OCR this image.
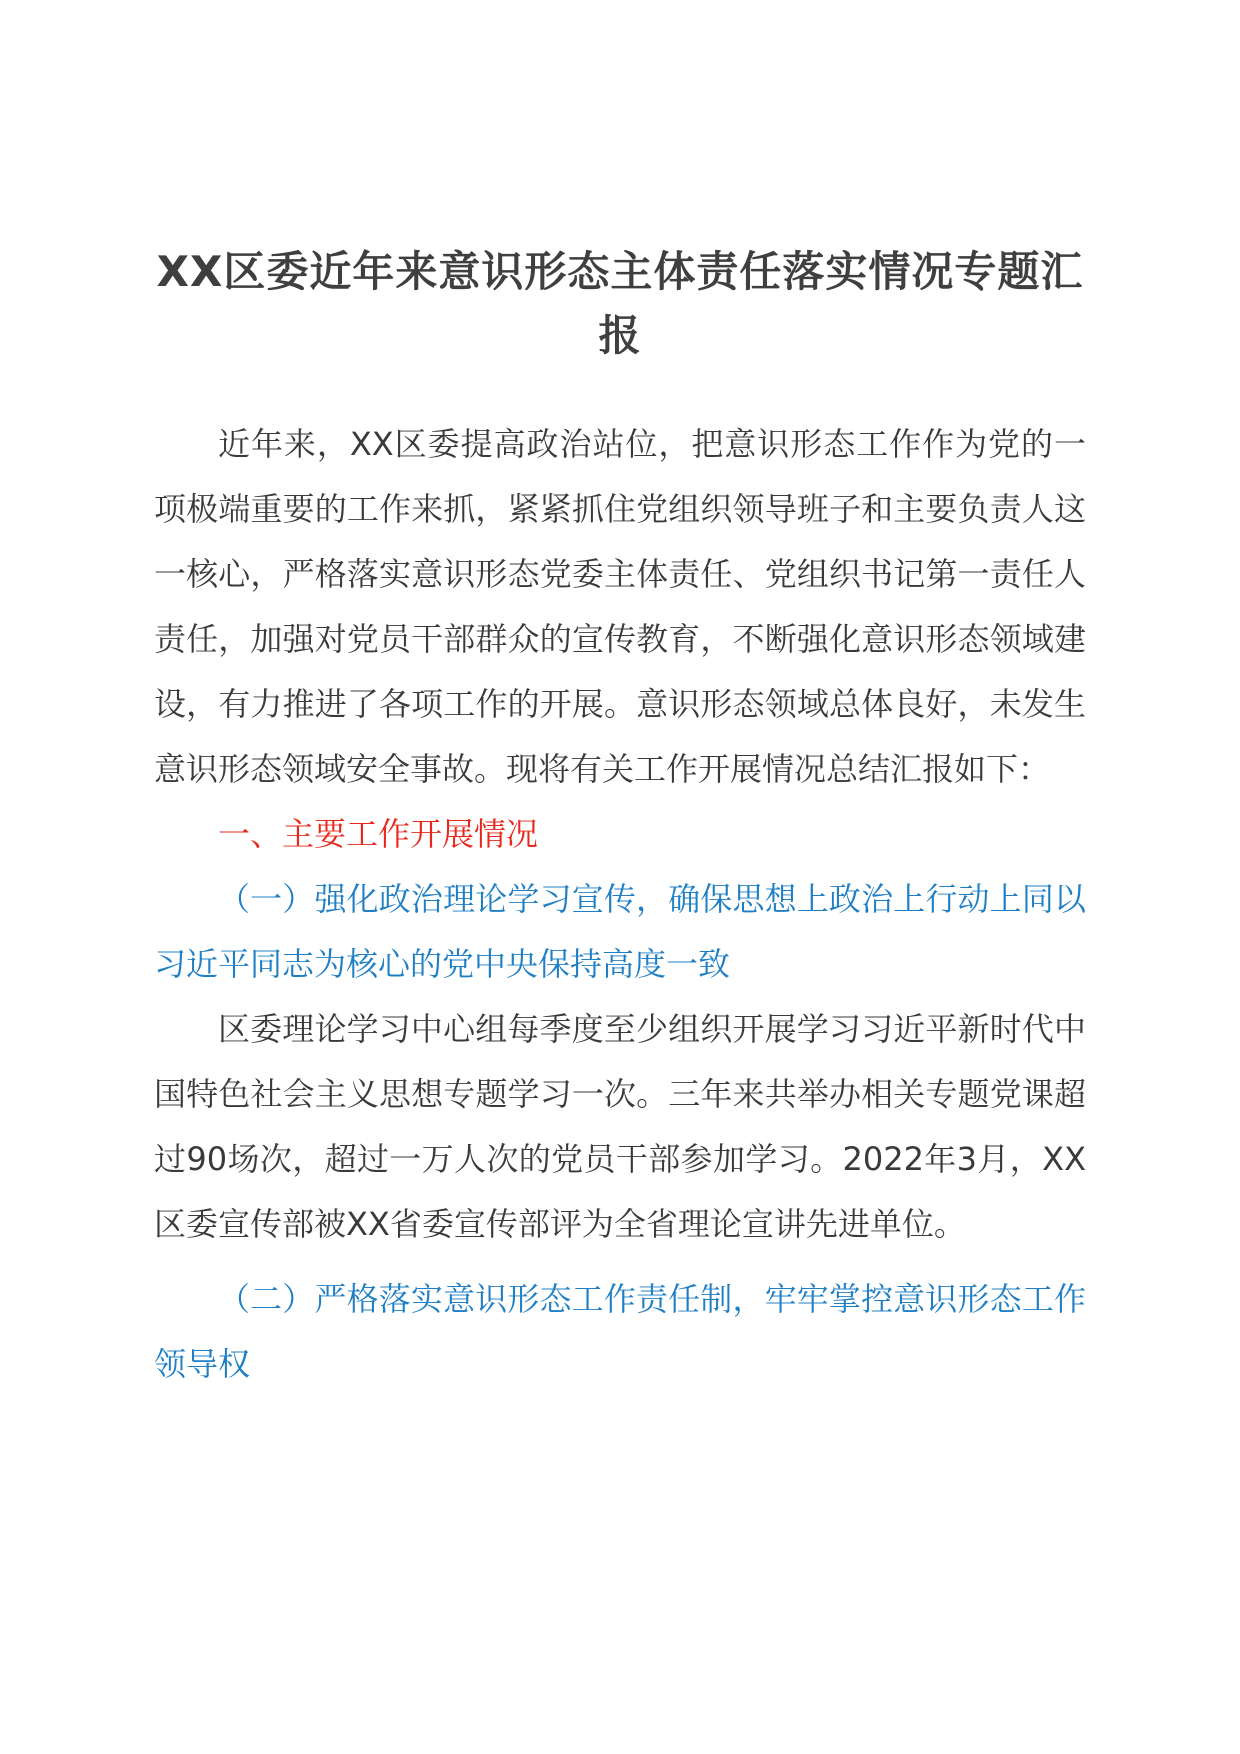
XX区委近年来意识形态主体责任落实情况专题汇报

近年来，XX区委提高政治站位，把意识形态工作作为党的一项极端重要的工作来抓，紧紧抓住党组织领导班子和主要负责人这一核心，严格落实意识形态党委主体责任、党组织书记第一责任人责任，加强对党员干部群众的宣传教育，不断强化意识形态领域建设，有力推进了各项工作的开展。意识形态领域总体良好，未发生意识形态领域安全事故。现将有关工作开展情况总结汇报如下：

一、主要工作开展情况

（一）强化政治理论学习宣传，确保思想上政治上行动上同以习近平同志为核心的党中央保持高度一致

区委理论学习中心组每季度至少组织开展学习习近平新时代中国特色社会主义思想专题学习一次。三年来共举办相关专题党课超过90场次，超过一万人次的党员干部参加学习。2022年3月，XX区委宣传部被XX省委宣传部评为全省理论宣讲先进单位。

（二）严格落实意识形态工作责任制，牢牢掌控意识形态工作领导权
